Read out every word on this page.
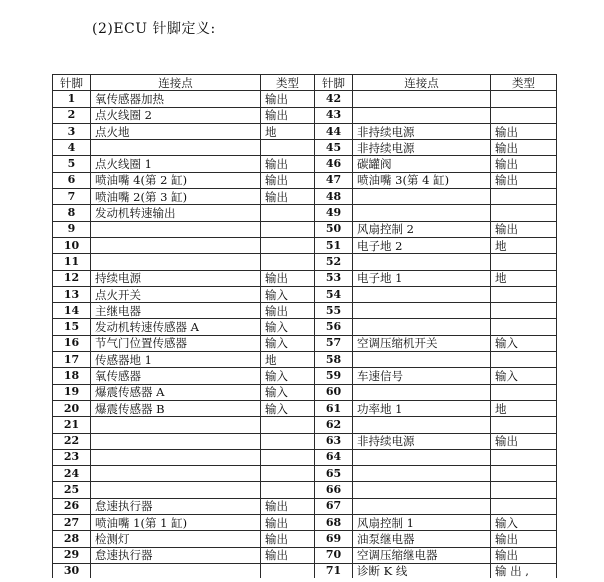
(2)ECU 针脚定义:
针脚	连接点	类型	针脚	连接点	类型
1	氧传感器加热	输出	42		
2	点火线圈 2	输出	43		
3	点火地	地	44	非持续电源	输出
4			45	非持续电源	输出
5	点火线圈 1	输出	46	碳罐阀	输出
6	喷油嘴 4(第 2 缸)	输出	47	喷油嘴 3(第 4 缸)	输出
7	喷油嘴 2(第 3 缸)	输出	48		
8	发动机转速输出		49		
9			50	风扇控制 2	输出
10			51	电子地 2	地
11			52		
12	持续电源	输出	53	电子地 1	地
13	点火开关	输入	54		
14	主继电器	输出	55		
15	发动机转速传感器 A	输入	56		
16	节气门位置传感器	输入	57	空调压缩机开关	输入
17	传感器地 1	地	58		
18	氧传感器	输入	59	车速信号	输入
19	爆震传感器 A	输入	60		
20	爆震传感器 B	输入	61	功率地 1	地
21			62		
22			63	非持续电源	输出
23			64		
24			65		
25			66		
26	怠速执行器	输出	67		
27	喷油嘴 1(第 1 缸)	输出	68	风扇控制 1	输入
28	检测灯	输出	69	油泵继电器	输出
29	怠速执行器	输出	70	空调压缩继电器	输出
30			71	诊断 K 线	输 出 ,
